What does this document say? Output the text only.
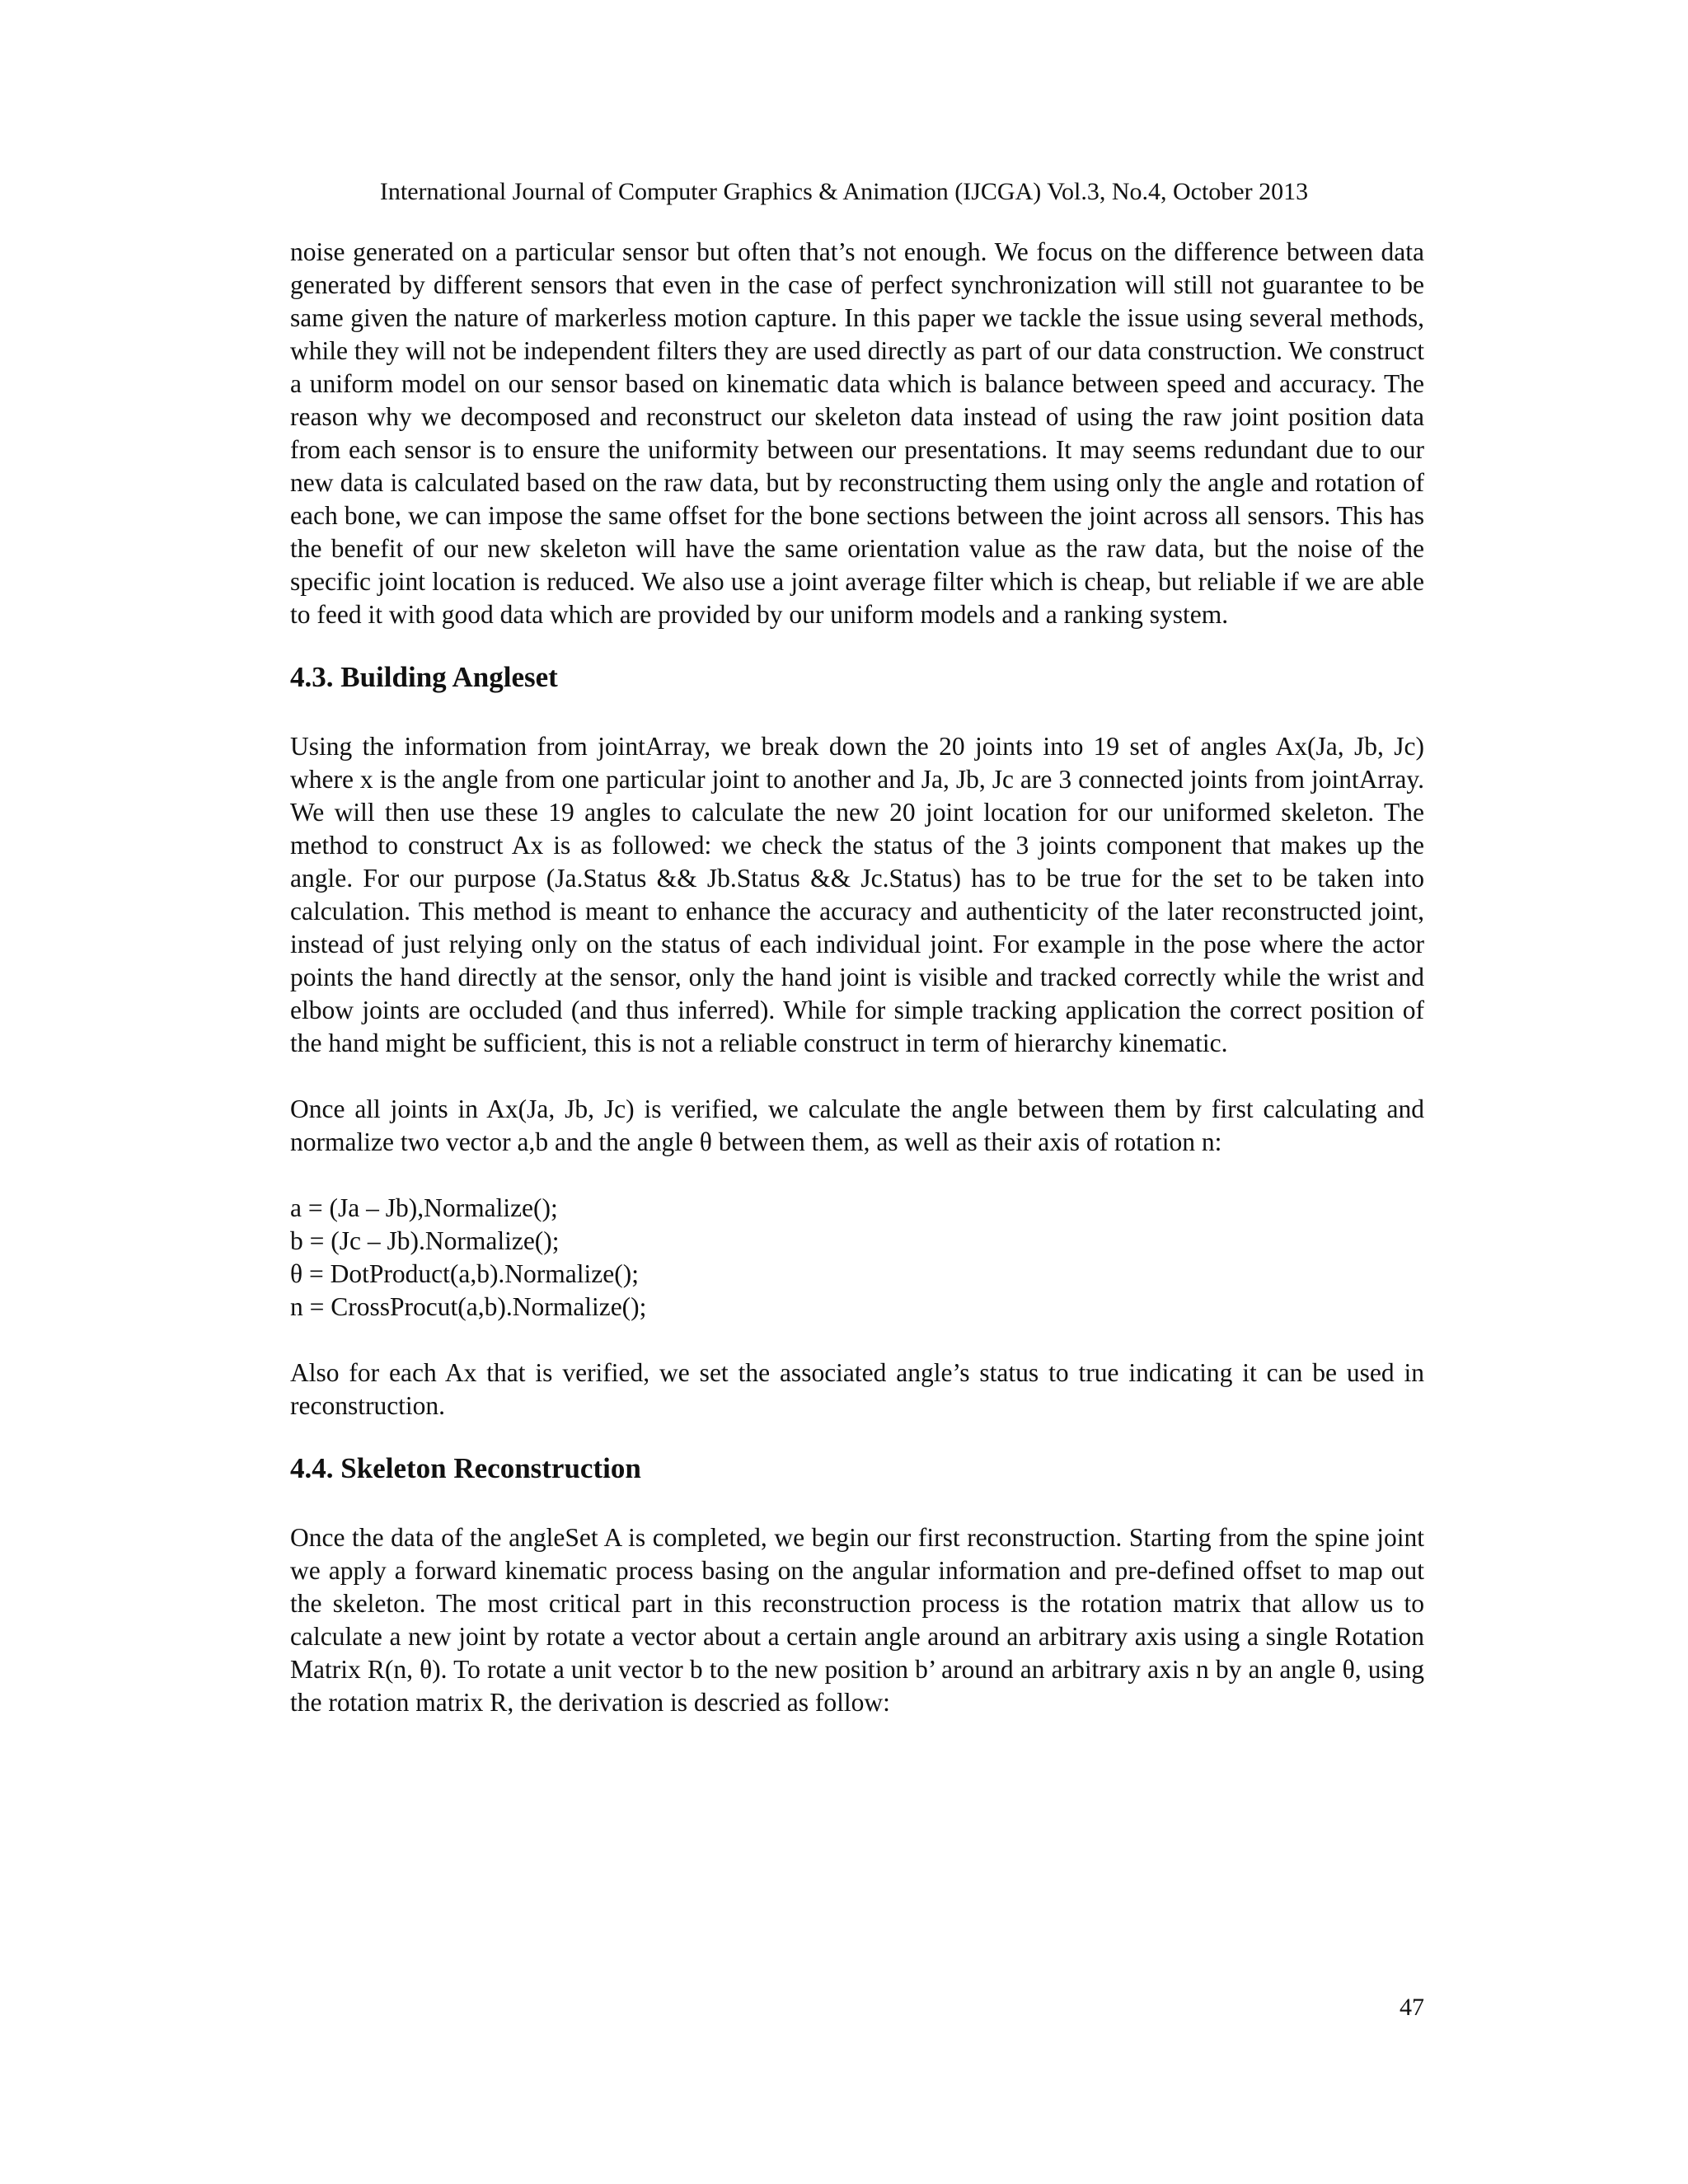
International Journal of Computer Graphics & Animation (IJCGA) Vol.3, No.4, October 2013

noise generated on a particular sensor but often that’s not enough. We focus on the difference between data generated by different sensors that even in the case of perfect synchronization will still not guarantee to be same given the nature of markerless motion capture. In this paper we tackle the issue using several methods, while they will not be independent filters they are used directly as part of our data construction. We construct a uniform model on our sensor based on kinematic data which is balance between speed and accuracy. The reason why we decomposed and reconstruct our skeleton data instead of using the raw joint position data from each sensor is to ensure the uniformity between our presentations. It may seems redundant due to our new data is calculated based on the raw data, but by reconstructing them using only the angle and rotation of each bone, we can impose the same offset for the bone sections between the joint across all sensors. This has the benefit of our new skeleton will have the same orientation value as the raw data, but the noise of the specific joint location is reduced. We also use a joint average filter which is cheap, but reliable if we are able to feed it with good data which are provided by our uniform models and a ranking system.

4.3. Building Angleset

Using the information from jointArray, we break down the 20 joints into 19 set of angles Ax(Ja, Jb, Jc) where x is the angle from one particular joint to another and Ja, Jb, Jc are 3 connected joints from jointArray. We will then use these 19 angles to calculate the new 20 joint location for our uniformed skeleton. The method to construct Ax is as followed: we check the status of the 3 joints component that makes up the angle. For our purpose (Ja.Status && Jb.Status && Jc.Status) has to be true for the set to be taken into calculation. This method is meant to enhance the accuracy and authenticity of the later reconstructed joint, instead of just relying only on the status of each individual joint. For example in the pose where the actor points the hand directly at the sensor, only the hand joint is visible and tracked correctly while the wrist and elbow joints are occluded (and thus inferred). While for simple tracking application the correct position of the hand might be sufficient, this is not a reliable construct in term of hierarchy kinematic.

Once all joints in Ax(Ja, Jb, Jc) is verified, we calculate the angle between them by first calculating and normalize two vector a,b and the angle θ between them, as well as their axis of rotation n:

a = (Ja – Jb),Normalize();

b = (Jc – Jb).Normalize();

θ = DotProduct(a,b).Normalize();

n = CrossProcut(a,b).Normalize();

Also for each Ax that is verified, we set the associated angle’s status to true indicating it can be used in reconstruction.

4.4. Skeleton Reconstruction

Once the data of the angleSet A is completed, we begin our first reconstruction. Starting from the spine joint we apply a forward kinematic process basing on the angular information and pre-defined offset to map out the skeleton. The most critical part in this reconstruction process is the rotation matrix that allow us to calculate a new joint by rotate a vector about a certain angle around an arbitrary axis using a single Rotation Matrix R(n, θ). To rotate a unit vector b to the new position b’ around an arbitrary axis n by an angle θ, using the rotation matrix R, the derivation is descried as follow:

47
